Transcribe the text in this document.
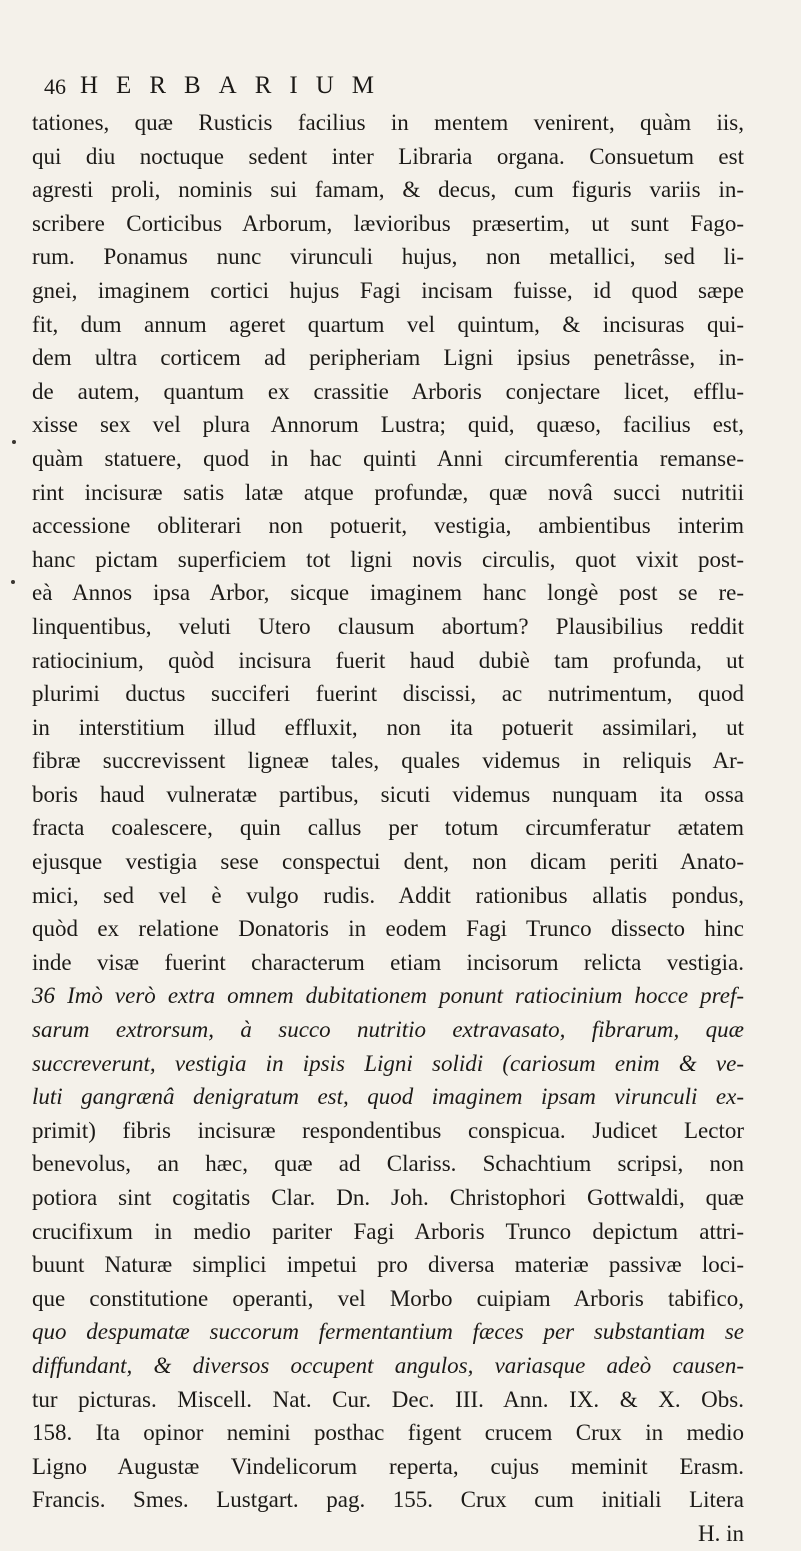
46 HERBARIUM
tationes, quæ Rusticis facilius in mentem venirent, quàm iis,
qui diu noctuque sedent inter Libraria organa. Consuetum est
agresti proli, nominis sui famam, & decus, cum figuris variis in-
scribere Corticibus Arborum, lævioribus præsertim, ut sunt Fago-
rum. Ponamus nunc virunculi hujus, non metallici, sed li-
gnei, imaginem cortici hujus Fagi incisam fuisse, id quod sæpe
fit, dum annum ageret quartum vel quintum, & incisuras qui-
dem ultra corticem ad peripheriam Ligni ipsius penetrâsse, in-
de autem, quantum ex crassitie Arboris conjectare licet, efflu-
xisse sex vel plura Annorum Lustra; quid, quæso, facilius est,
quàm statuere, quod in hac quinti Anni circumferentia remanse-
rint incisuræ satis latæ atque profundæ, quæ novâ succi nutritii
accessione obliterari non potuerit, vestigia, ambientibus interim
hanc pictam superficiem tot ligni novis circulis, quot vixit post-
eà Annos ipsa Arbor, sicque imaginem hanc longè post se re-
linquentibus, veluti Utero clausum abortum? Plausibilius reddit
ratiocinium, quòd incisura fuerit haud dubiè tam profunda, ut
plurimi ductus succiferi fuerint discissi, ac nutrimentum, quod
in interstitium illud effluxit, non ita potuerit assimilari, ut
fibræ succrevissent ligneæ tales, quales videmus in reliquis Ar-
boris haud vulneratæ partibus, sicuti videmus nunquam ita ossa
fracta coalescere, quin callus per totum circumferatur ætatem
ejusque vestigia sese conspectui dent, non dicam periti Anato-
mici, sed vel è vulgo rudis. Addit rationibus allatis pondus,
quòd ex relatione Donatoris in eodem Fagi Trunco dissecto hinc
inde visæ fuerint characterum etiam incisorum relicta vestigia.
36 Imò verò extra omnem dubitationem ponunt ratiocinium hocce pref-
sarum extrorsum, à succo nutritio extravasato, fibrarum, quæ
succreverunt, vestigia in ipsis Ligni solidi (cariosum enim & ve-
luti gangrænâ denigratum est, quod imaginem ipsam virunculi ex-
primit) fibris incisuræ respondentibus conspicua. Judicet Lector
benevolus, an hæc, quæ ad Clariss. Schachtium scripsi, non
potiora sint cogitatis Clar. Dn. Joh. Christophori Gottwaldi, quæ
crucifixum in medio pariter Fagi Arboris Trunco depictum attri-
buunt Naturæ simplici impetui pro diversa materiæ passivæ loci-
que constitutione operanti, vel Morbo cuipiam Arboris tabifico,
quo despumatæ succorum fermentantium fæces per substantiam se
diffundant, & diversos occupent angulos, variasque adeò causen-
tur picturas. Miscell. Nat. Cur. Dec. III. Ann. IX. & X. Obs.
158. Ita opinor nemini posthac figent crucem Crux in medio
Ligno Augustæ Vindelicorum reperta, cujus meminit Erasm.
Francis. Smes. Lustgart. pag. 155. Crux cum initiali Litera
H. in
